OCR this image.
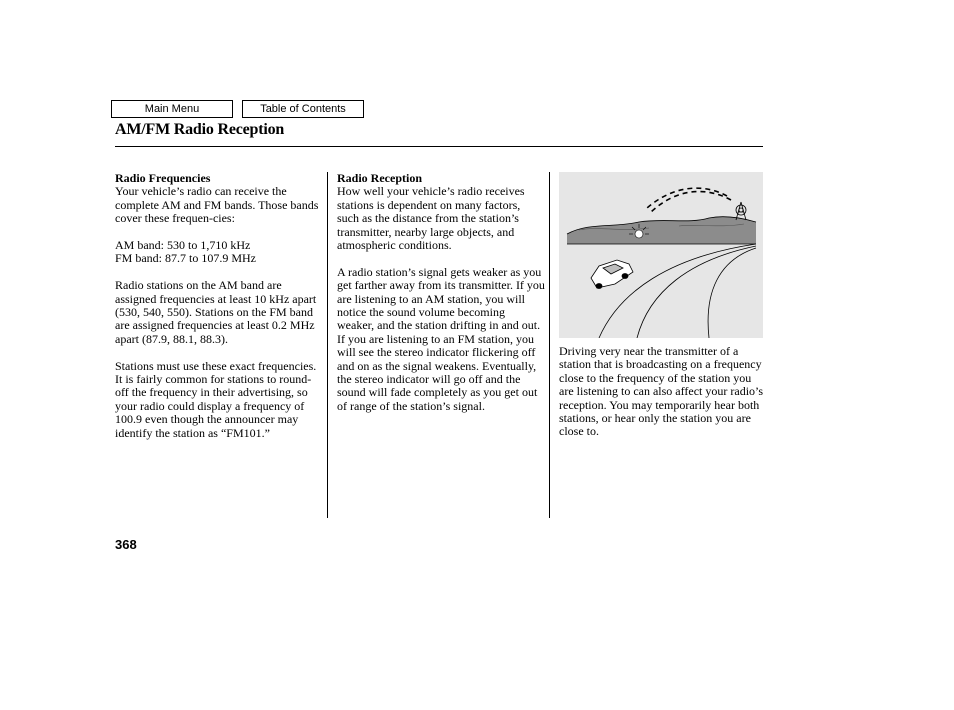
Main Menu	Table of Contents
AM/FM Radio Reception
Radio Frequencies

Your vehicle’s radio can receive the complete AM and FM bands. Those bands cover these frequen-cies:

AM band: 530 to 1,710 kHz
FM band: 87.7 to 107.9 MHz

Radio stations on the AM band are assigned frequencies at least 10 kHz apart (530, 540, 550). Stations on the FM band are assigned frequencies at least 0.2 MHz apart (87.9, 88.1, 88.3).

Stations must use these exact frequencies. It is fairly common for stations to round-off the frequency in their advertising, so your radio could display a frequency of 100.9 even though the announcer may identify the station as “FM101.”

Radio Reception

How well your vehicle’s radio receives stations is dependent on many factors, such as the distance from the station’s transmitter, nearby large objects, and atmospheric conditions.

A radio station’s signal gets weaker as you get farther away from its transmitter. If you are listening to an AM station, you will notice the sound volume becoming weaker, and the station drifting in and out. If you are listening to an FM station, you will see the stereo indicator flickering off and on as the signal weakens. Eventually, the stereo indicator will go off and the sound will fade completely as you get out of range of the station’s signal.

Driving very near the transmitter of a station that is broadcasting on a frequency close to the frequency of the station you are listening to can also affect your radio’s reception. You may temporarily hear both stations, or hear only the station you are close to.

368
